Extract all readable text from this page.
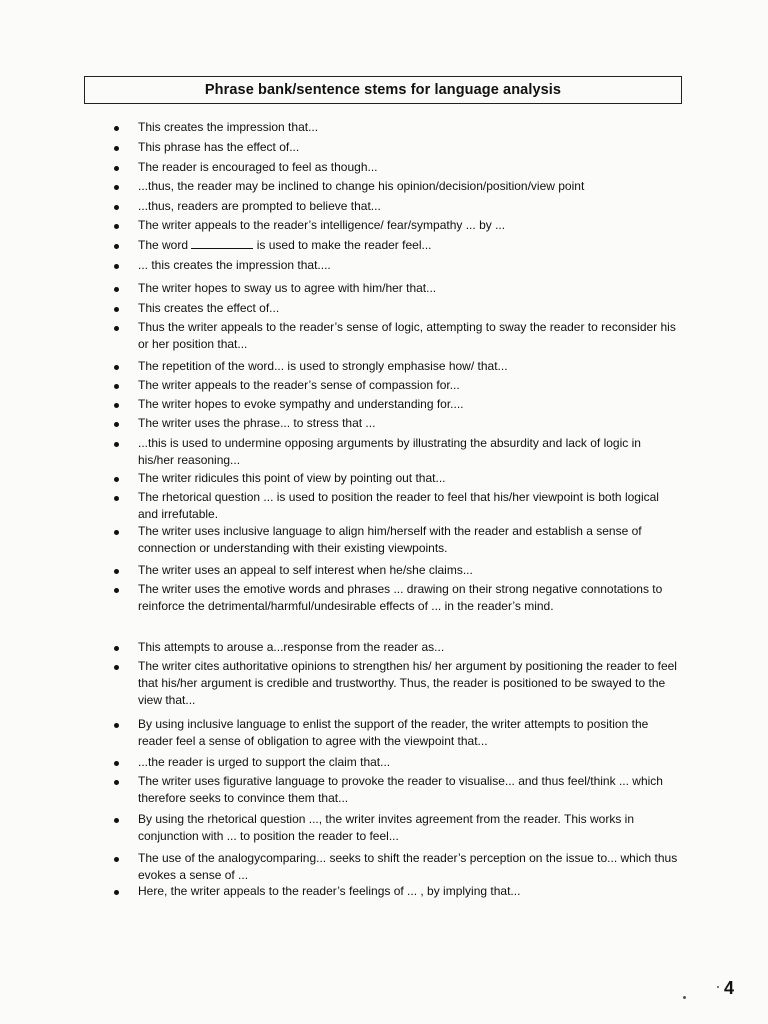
Phrase bank/sentence stems for language analysis
This creates the impression that...
This phrase has the effect of...
The reader is encouraged to feel as though...
...thus, the reader may be inclined to change his opinion/decision/position/view point
...thus, readers are prompted to believe that...
The writer appeals to the reader’s intelligence/ fear/sympathy ... by ...
The word	is used to make the reader feel...
... this creates the impression that....
The writer hopes to sway us to agree with him/her that...
This creates the effect of...
Thus the writer appeals to the reader’s sense of logic, attempting to sway the reader to reconsider his or her position that...
The repetition of the word... is used to strongly emphasise how/ that...
The writer appeals to the reader’s sense of compassion for...
The writer hopes to evoke sympathy and understanding for....
The writer uses the phrase... to stress that ...
...this is used to undermine opposing arguments by illustrating the absurdity and lack of logic in his/her reasoning...
The writer ridicules this point of view by pointing out that...
The rhetorical question ... is used to position the reader to feel that his/her viewpoint is both logical and irrefutable.
The writer uses inclusive language to align him/herself with the reader and establish a sense of connection or understanding with their existing viewpoints.
The writer uses an appeal to self interest when he/she claims...
The writer uses the emotive words and phrases ... drawing on their strong negative connotations to reinforce the detrimental/harmful/undesirable effects of ... in the reader’s mind.
This attempts to arouse a...response from the reader as...
The writer cites authoritative opinions to strengthen his/ her argument by positioning the reader to feel that his/her argument is credible and trustworthy. Thus, the reader is positioned to be swayed to the view that...
By using inclusive language to enlist the support of the reader, the writer attempts to position the reader feel a sense of obligation to agree with the viewpoint that...
...the reader is urged to support the claim that...
The writer uses figurative language to provoke the reader to visualise... and thus feel/think ... which therefore seeks to convince them that...
By using the rhetorical question ..., the writer invites agreement from the reader. This works in conjunction with ... to position the reader to feel...
The use of the analogycomparing... seeks to shift the reader’s perception on the issue to... which thus evokes a sense of ...
Here, the writer appeals to the reader’s feelings of ... , by implying that...
4
